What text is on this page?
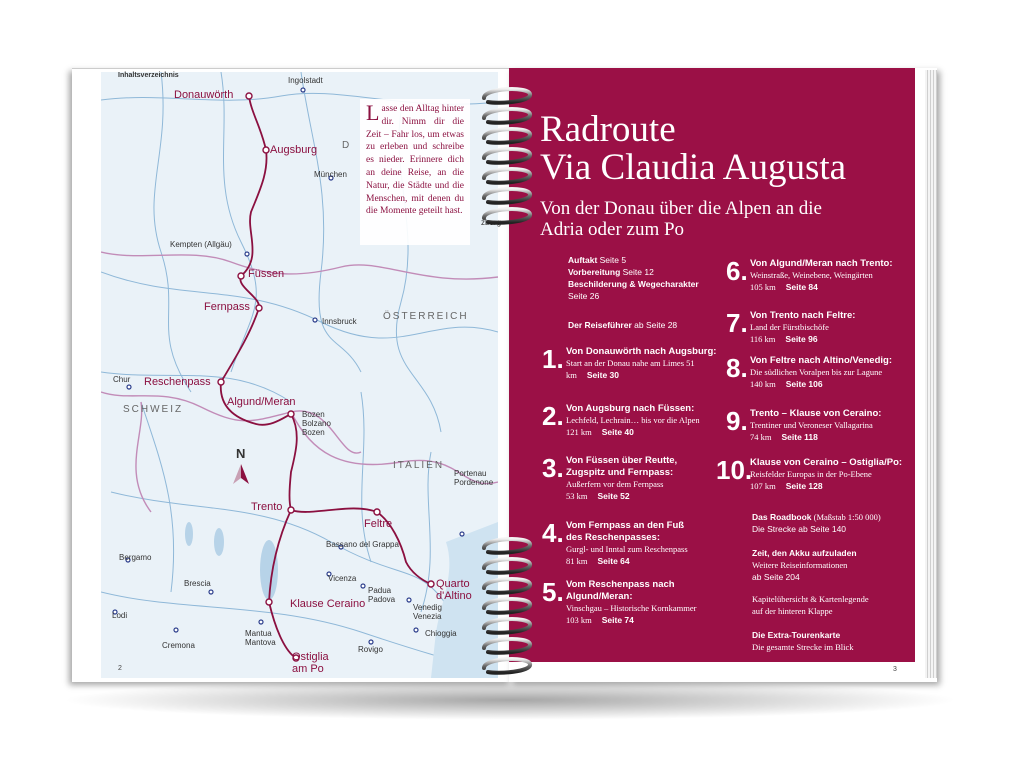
Inhaltsverzeichnis
2
Donauwörth
Augsburg
Füssen
Fernpass
Reschenpass
Algund/Meran
Trento
Feltre
Quarto d'Altino
Klause Ceraino
Ostiglia am Po
Ingolstadt
München
Kempten (Allgäu)
Innsbruck
zburg
Chur
Bozen
Bolzano
Bozen
Portenau
Pordenone
Bassano del Grappa
Bergamo
Brescia
Vicenza
Padua
Padova
Venedig
Venezia
Lodi
Cremona
Mantua
Mantova
Chioggia
Rovigo
D
ÖSTERREICH
SCHWEIZ
ITALIEN
N
Lasse den Alltag hinter dir. Nimm dir die Zeit – Fahr los, um etwas zu erleben und schreibe es nieder. Erinnere dich an deine Reise, an die Natur, die Städte und die Menschen, mit denen du die Momente geteilt hast.
Radroute
Via Claudia Augusta
Von der Donau über die Alpen an die
Adria oder zum Po
Auftakt Seite 5
Vorbereitung Seite 12
Beschilderung & Wegecharakter
Seite 26
Der Reiseführer ab Seite 28
1. Von Donauwörth nach Augsburg:
Start an der Donau nahe am Limes 51
km Seite 30
2. Von Augsburg nach Füssen:
Lechfeld, Lechrain… bis vor die Alpen
121 km Seite 40
3. Von Füssen über Reutte,
Zugspitz und Fernpass:
Außerfern vor dem Fernpass
53 km Seite 52
4. Vom Fernpass an den Fuß
des Reschenpasses:
Gurgl- und Inntal zum Reschenpass
81 km Seite 64
5. Vom Reschenpass nach
Algund/Meran:
Vinschgau – Historische Kornkammer
103 km Seite 74
6. Von Algund/Meran nach Trento:
Weinstraße, Weinebene, Weingärten
105 km Seite 84
7. Von Trento nach Feltre:
Land der Fürstbischöfe
116 km Seite 96
8. Von Feltre nach Altino/Venedig:
Die südlichen Voralpen bis zur Lagune
140 km Seite 106
9. Trento – Klause von Ceraino:
Trentiner und Veroneser Vallagarina
74 km Seite 118
10.
Klause von Ceraino – Ostiglia/Po:
Reisfelder Europas in der Po-Ebene
107 km Seite 128
Das Roadbook (Maßstab 1:50 000)
Die Strecke ab Seite 140
Zeit, den Akku aufzuladen
Weitere Reiseinformationen
ab Seite 204
Kapitelübersicht & Kartenlegende
auf der hinteren Klappe
Die Extra-Tourenkarte
Die gesamte Strecke im Blick
3
